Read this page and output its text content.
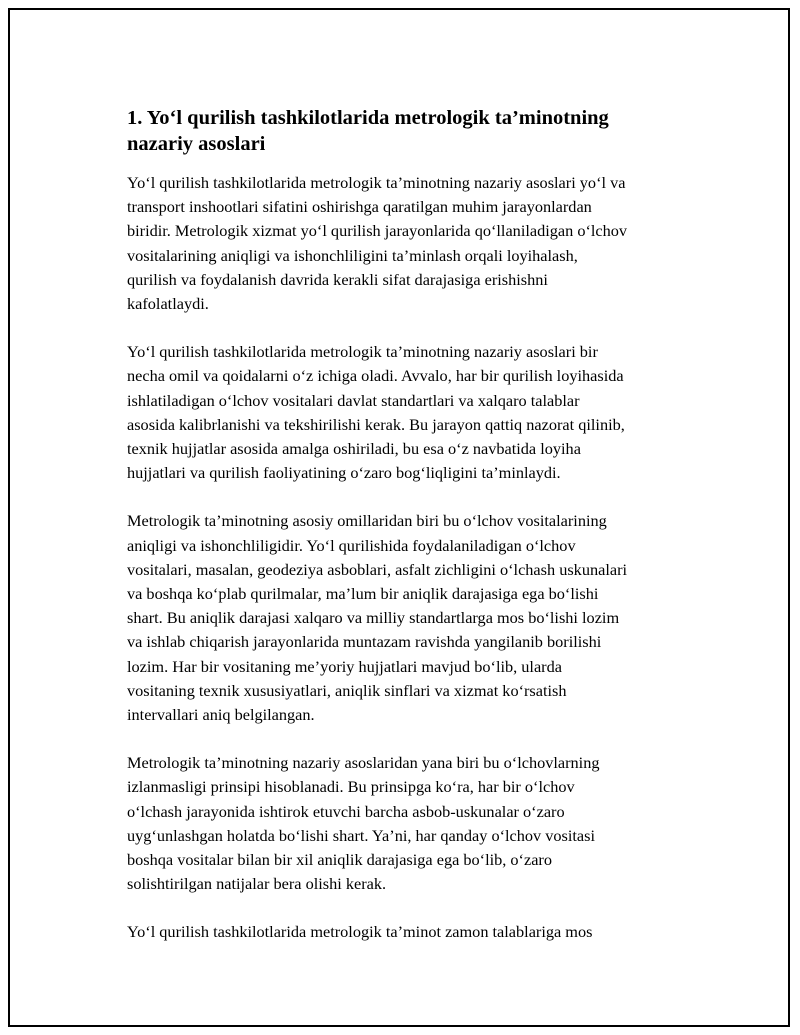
1. Yo‘l qurilish tashkilotlarida metrologik ta’minotning
nazariy asoslari

Yo‘l qurilish tashkilotlarida metrologik ta’minotning nazariy asoslari yo‘l va
transport inshootlari sifatini oshirishga qaratilgan muhim jarayonlardan
biridir. Metrologik xizmat yo‘l qurilish jarayonlarida qo‘llaniladigan o‘lchov
vositalarining aniqligi va ishonchliligini ta’minlash orqali loyihalash,
qurilish va foydalanish davrida kerakli sifat darajasiga erishishni
kafolatlaydi.

Yo‘l qurilish tashkilotlarida metrologik ta’minotning nazariy asoslari bir
necha omil va qoidalarni o‘z ichiga oladi. Avvalo, har bir qurilish loyihasida
ishlatiladigan o‘lchov vositalari davlat standartlari va xalqaro talablar
asosida kalibrlanishi va tekshirilishi kerak. Bu jarayon qattiq nazorat qilinib,
texnik hujjatlar asosida amalga oshiriladi, bu esa o‘z navbatida loyiha
hujjatlari va qurilish faoliyatining o‘zaro bog‘liqligini ta’minlaydi.

Metrologik ta’minotning asosiy omillaridan biri bu o‘lchov vositalarining
aniqligi va ishonchliligidir. Yo‘l qurilishida foydalaniladigan o‘lchov
vositalari, masalan, geodeziya asboblari, asfalt zichligini o‘lchash uskunalari
va boshqa ko‘plab qurilmalar, ma’lum bir aniqlik darajasiga ega bo‘lishi
shart. Bu aniqlik darajasi xalqaro va milliy standartlarga mos bo‘lishi lozim
va ishlab chiqarish jarayonlarida muntazam ravishda yangilanib borilishi
lozim. Har bir vositaning me’yoriy hujjatlari mavjud bo‘lib, ularda
vositaning texnik xususiyatlari, aniqlik sinflari va xizmat ko‘rsatish
intervallari aniq belgilangan.

Metrologik ta’minotning nazariy asoslaridan yana biri bu o‘lchovlarning
izlanmasligi prinsipi hisoblanadi. Bu prinsipga ko‘ra, har bir o‘lchov
o‘lchash jarayonida ishtirok etuvchi barcha asbob-uskunalar o‘zaro
uyg‘unlashgan holatda bo‘lishi shart. Ya’ni, har qanday o‘lchov vositasi
boshqa vositalar bilan bir xil aniqlik darajasiga ega bo‘lib, o‘zaro
solishtirilgan natijalar bera olishi kerak.

Yo‘l qurilish tashkilotlarida metrologik ta’minot zamon talablariga mos
